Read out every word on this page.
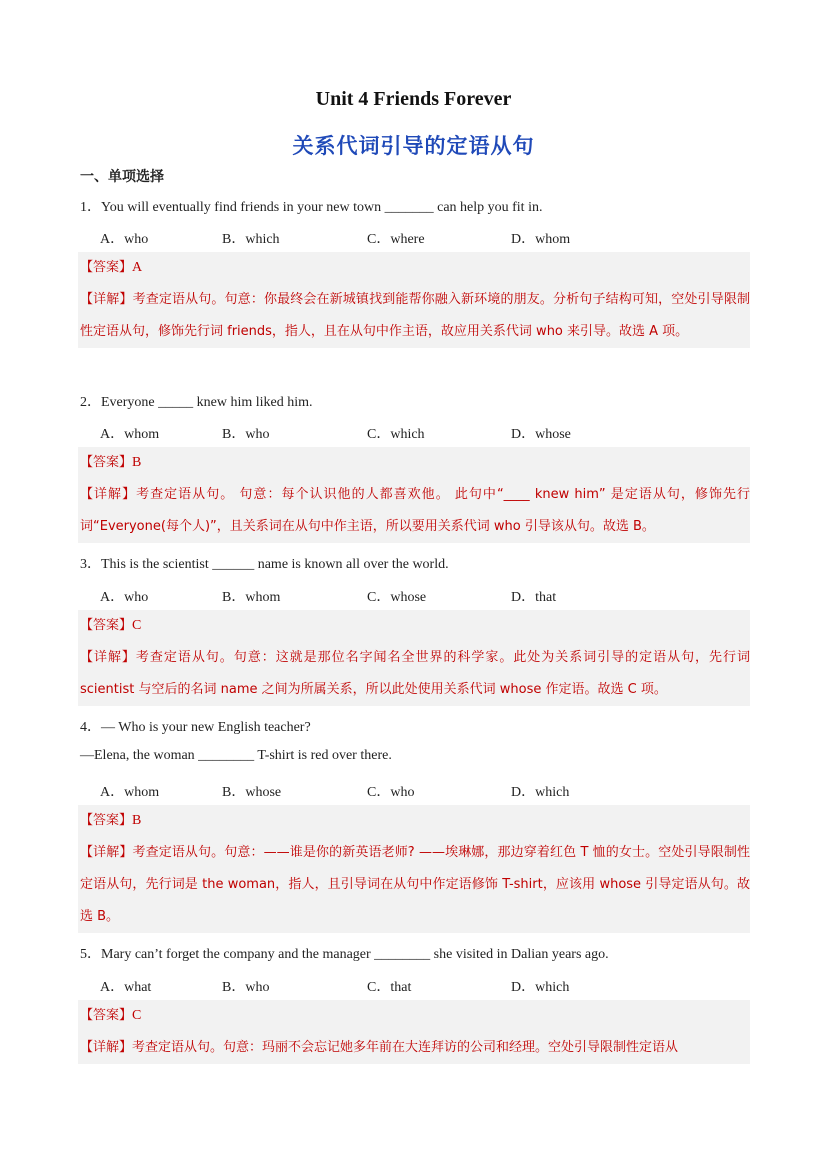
Unit 4 Friends Forever
关系代词引导的定语从句
一、单项选择
1．You will eventually find friends in your new town _______ can help you fit in.
A．who	B．which	C．where	D．whom
【答案】A
【详解】考查定语从句。句意：你最终会在新城镇找到能帮你融入新环境的朋友。分析句子结构可知，空处引导限制性定语从句，修饰先行词 friends，指人，且在从句中作主语，故应用关系代词 who 来引导。故选 A 项。
2．Everyone _____ knew him liked him.
A．whom	B．who	C．which	D．whose
【答案】B
【详解】考查定语从句。 句意：每个认识他的人都喜欢他。 此句中“____ knew him” 是定语从句，修饰先行词“Everyone(每个人)”，且关系词在从句中作主语，所以要用关系代词 who 引导该从句。故选 B。
3．This is the scientist ______ name is known all over the world.
A．who	B．whom	C．whose	D．that
【答案】C
【详解】考查定语从句。句意：这就是那位名字闻名全世界的科学家。此处为关系词引导的定语从句，先行词 scientist 与空后的名词 name 之间为所属关系，所以此处使用关系代词 whose 作定语。故选 C 项。
4．— Who is your new English teacher?
—Elena, the woman ________ T-shirt is red over there.
A．whom	B．whose	C．who	D．which
【答案】B
【详解】考查定语从句。句意：——谁是你的新英语老师? ——埃琳娜，那边穿着红色 T 恤的女士。空处引导限制性定语从句，先行词是 the woman，指人，且引导词在从句中作定语修饰 T-shirt，应该用 whose 引导定语从句。故选 B。
5．Mary can’t forget the company and the manager ________ she visited in Dalian years ago.
A．what	B．who	C．that	D．which
【答案】C
【详解】考查定语从句。句意：玛丽不会忘记她多年前在大连拜访的公司和经理。空处引导限制性定语从
